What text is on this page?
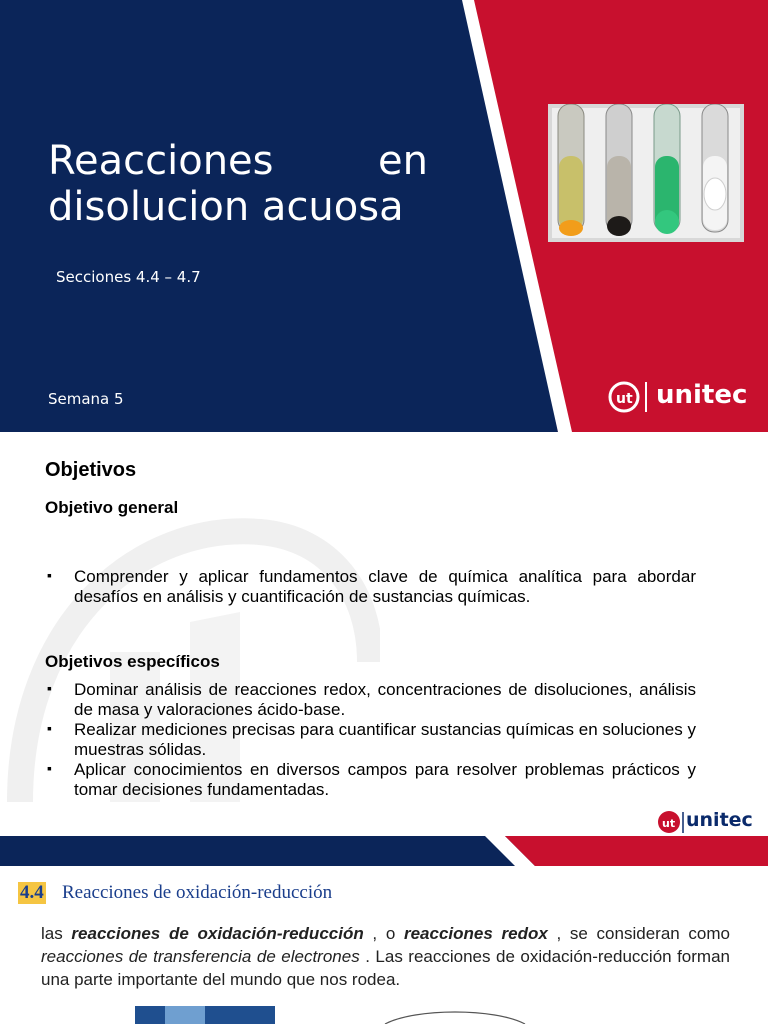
Reacciones en
disolucion acuosa
Secciones 4.4 – 4.7
Semana 5	ut unitec
Objetivos
Objetivo general
▪ Comprender y aplicar fundamentos clave de química analítica para abordar desafíos en análisis y cuantificación de sustancias químicas.
Objetivos específicos
▪ Dominar análisis de reacciones redox, concentraciones de disoluciones, análisis de masa y valoraciones ácido-base.
▪ Realizar mediciones precisas para cuantificar sustancias químicas en soluciones y muestras sólidas.
▪ Aplicar conocimientos en diversos campos para resolver problemas prácticos y tomar decisiones fundamentadas.
ut unitec
4.4 Reacciones de oxidación-reducción

las reacciones de oxidación-reducción , o reacciones redox , se consideran como reacciones de transferencia de electrones . Las reacciones de oxidación-reducción forman una parte importante del mundo que nos rodea.
